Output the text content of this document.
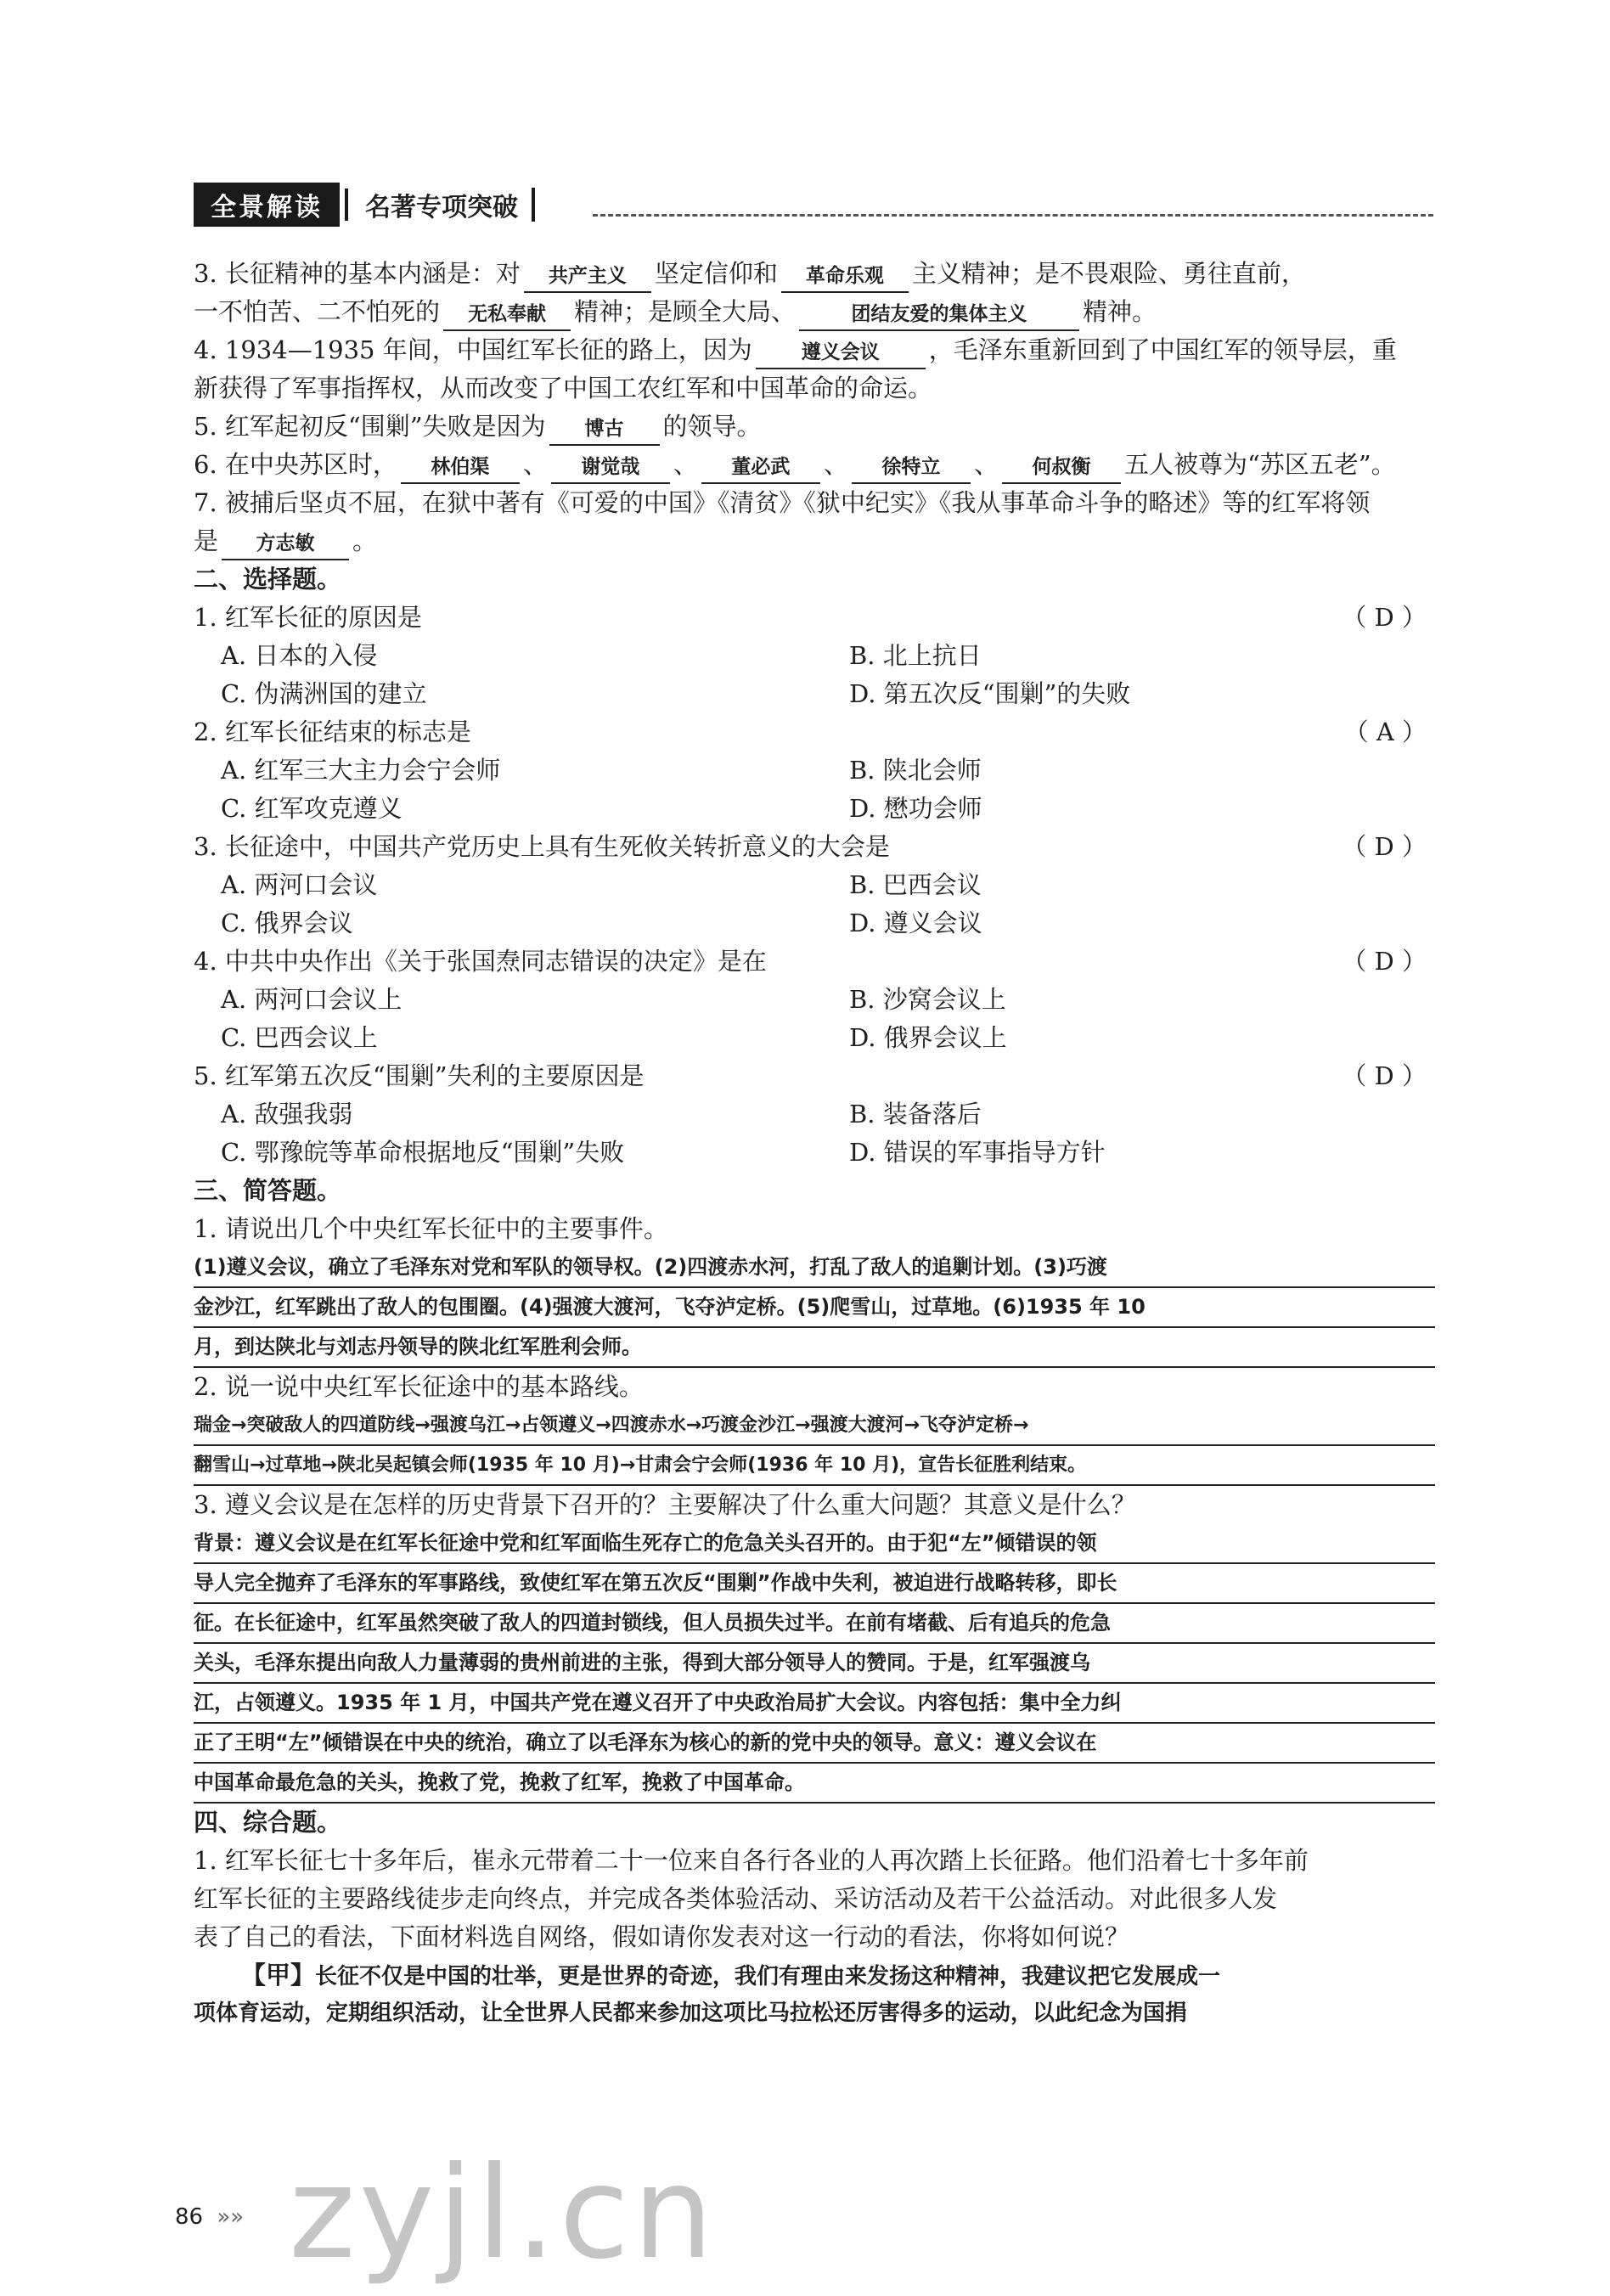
全景解读	名著专项突破
3. 长征精神的基本内涵是：对 共产主义 坚定信仰和 革命乐观 主义精神；是不畏艰险、勇往直前，
一不怕苦、二不怕死的 无私奉献 精神；是顾全大局、	团结友爱的集体主义 精神。
4. 1934—1935 年间，中国红军长征的路上，因为	遵义会议 ，毛泽东重新回到了中国红军的领导层，重
新获得了军事指挥权，从而改变了中国工农红军和中国革命的命运。
5. 红军起初反“围剿”失败是因为 博古 的领导。
6. 在中央苏区时， 林伯渠 、 谢觉哉 、 董必武 、 徐特立 、 何叔衡 五人被尊为“苏区五老”。
7. 被捕后坚贞不屈，在狱中著有《可爱的中国》《清贫》《狱中纪实》《我从事革命斗争的略述》等的红军将领
是 方志敏 。
二、选择题。
1. 红军长征的原因是	（ D ）
A. 日本的入侵	B. 北上抗日
C. 伪满洲国的建立	D. 第五次反“围剿”的失败
2. 红军长征结束的标志是	（ A ）
A. 红军三大主力会宁会师	B. 陕北会师
C. 红军攻克遵义	D. 懋功会师
3. 长征途中，中国共产党历史上具有生死攸关转折意义的大会是	（ D ）
A. 两河口会议	B. 巴西会议
C. 俄界会议	D. 遵义会议
4. 中共中央作出《关于张国焘同志错误的决定》是在	（ D ）
A. 两河口会议上	B. 沙窝会议上
C. 巴西会议上	D. 俄界会议上
5. 红军第五次反“围剿”失利的主要原因是	（ D ）
A. 敌强我弱	B. 装备落后
C. 鄂豫皖等革命根据地反“围剿”失败	D. 错误的军事指导方针
三、简答题。
1. 请说出几个中央红军长征中的主要事件。
(1)遵义会议，确立了毛泽东对党和军队的领导权。(2)四渡赤水河，打乱了敌人的追剿计划。(3)巧渡
金沙江，红军跳出了敌人的包围圈。(4)强渡大渡河，飞夺泸定桥。(5)爬雪山，过草地。(6)1935 年 10
月，到达陕北与刘志丹领导的陕北红军胜利会师。
2. 说一说中央红军长征途中的基本路线。
瑞金→突破敌人的四道防线→强渡乌江→占领遵义→四渡赤水→巧渡金沙江→强渡大渡河→飞夺泸定桥→
翻雪山→过草地→陕北吴起镇会师(1935 年 10 月)→甘肃会宁会师(1936 年 10 月)，宣告长征胜利结束。
3. 遵义会议是在怎样的历史背景下召开的？主要解决了什么重大问题？其意义是什么？
背景：遵义会议是在红军长征途中党和红军面临生死存亡的危急关头召开的。由于犯“左”倾错误的领
导人完全抛弃了毛泽东的军事路线，致使红军在第五次反“围剿”作战中失利，被迫进行战略转移，即长
征。在长征途中，红军虽然突破了敌人的四道封锁线，但人员损失过半。在前有堵截、后有追兵的危急
关头，毛泽东提出向敌人力量薄弱的贵州前进的主张，得到大部分领导人的赞同。于是，红军强渡乌
江，占领遵义。1935 年 1 月，中国共产党在遵义召开了中央政治局扩大会议。内容包括：集中全力纠
正了王明“左”倾错误在中央的统治，确立了以毛泽东为核心的新的党中央的领导。意义：遵义会议在
中国革命最危急的关头，挽救了党，挽救了红军，挽救了中国革命。
四、综合题。
1. 红军长征七十多年后，崔永元带着二十一位来自各行各业的人再次踏上长征路。他们沿着七十多年前
红军长征的主要路线徒步走向终点，并完成各类体验活动、采访活动及若干公益活动。对此很多人发
表了自己的看法，下面材料选自网络，假如请你发表对这一行动的看法，你将如何说？
【甲】长征不仅是中国的壮举，更是世界的奇迹，我们有理由来发扬这种精神，我建议把它发展成一
项体育运动，定期组织活动，让全世界人民都来参加这项比马拉松还厉害得多的运动，以此纪念为国捐
86 »» zyjl.cn
